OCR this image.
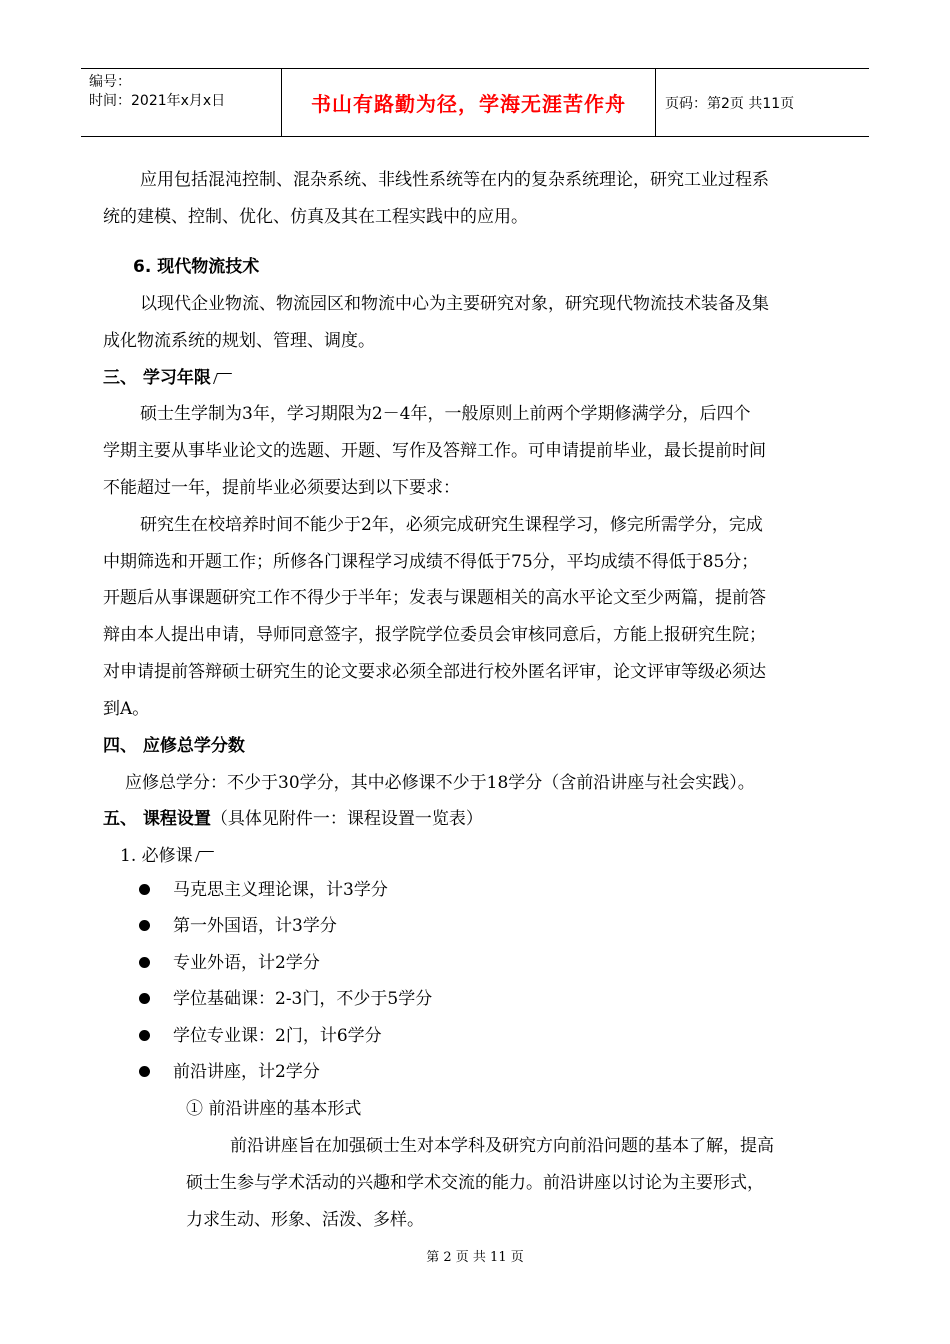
编号：
时间：2021年x月x日	书山有路勤为径，学海无涯苦作舟	页码：第2页 共11页
应用包括混沌控制、混杂系统、非线性系统等在内的复杂系统理论，研究工业过程系
统的建模、控制、优化、仿真及其在工程实践中的应用。
6. 现代物流技术
以现代企业物流、物流园区和物流中心为主要研究对象，研究现代物流技术装备及集
成化物流系统的规划、管理、调度。
三、 学习年限
硕士生学制为3年，学习期限为2－4年，一般原则上前两个学期修满学分，后四个
学期主要从事毕业论文的选题、开题、写作及答辩工作。可申请提前毕业，最长提前时间
不能超过一年，提前毕业必须要达到以下要求：
研究生在校培养时间不能少于2年，必须完成研究生课程学习，修完所需学分，完成
中期筛选和开题工作；所修各门课程学习成绩不得低于75分，平均成绩不得低于85分；
开题后从事课题研究工作不得少于半年；发表与课题相关的高水平论文至少两篇，提前答
辩由本人提出申请，导师同意签字，报学院学位委员会审核同意后，方能上报研究生院；
对申请提前答辩硕士研究生的论文要求必须全部进行校外匿名评审，论文评审等级必须达
到A。
四、 应修总学分数
应修总学分：不少于30学分，其中必修课不少于18学分（含前沿讲座与社会实践）。
五、 课程设置（具体见附件一：课程设置一览表）
1. 必修课
马克思主义理论课，计3学分
第一外国语，计3学分
专业外语，计2学分
学位基础课：2-3门，不少于5学分
学位专业课：2门，计6学分
前沿讲座，计2学分
① 前沿讲座的基本形式
前沿讲座旨在加强硕士生对本学科及研究方向前沿问题的基本了解，提高
硕士生参与学术活动的兴趣和学术交流的能力。前沿讲座以讨论为主要形式，
力求生动、形象、活泼、多样。
第 2 页 共 11 页
